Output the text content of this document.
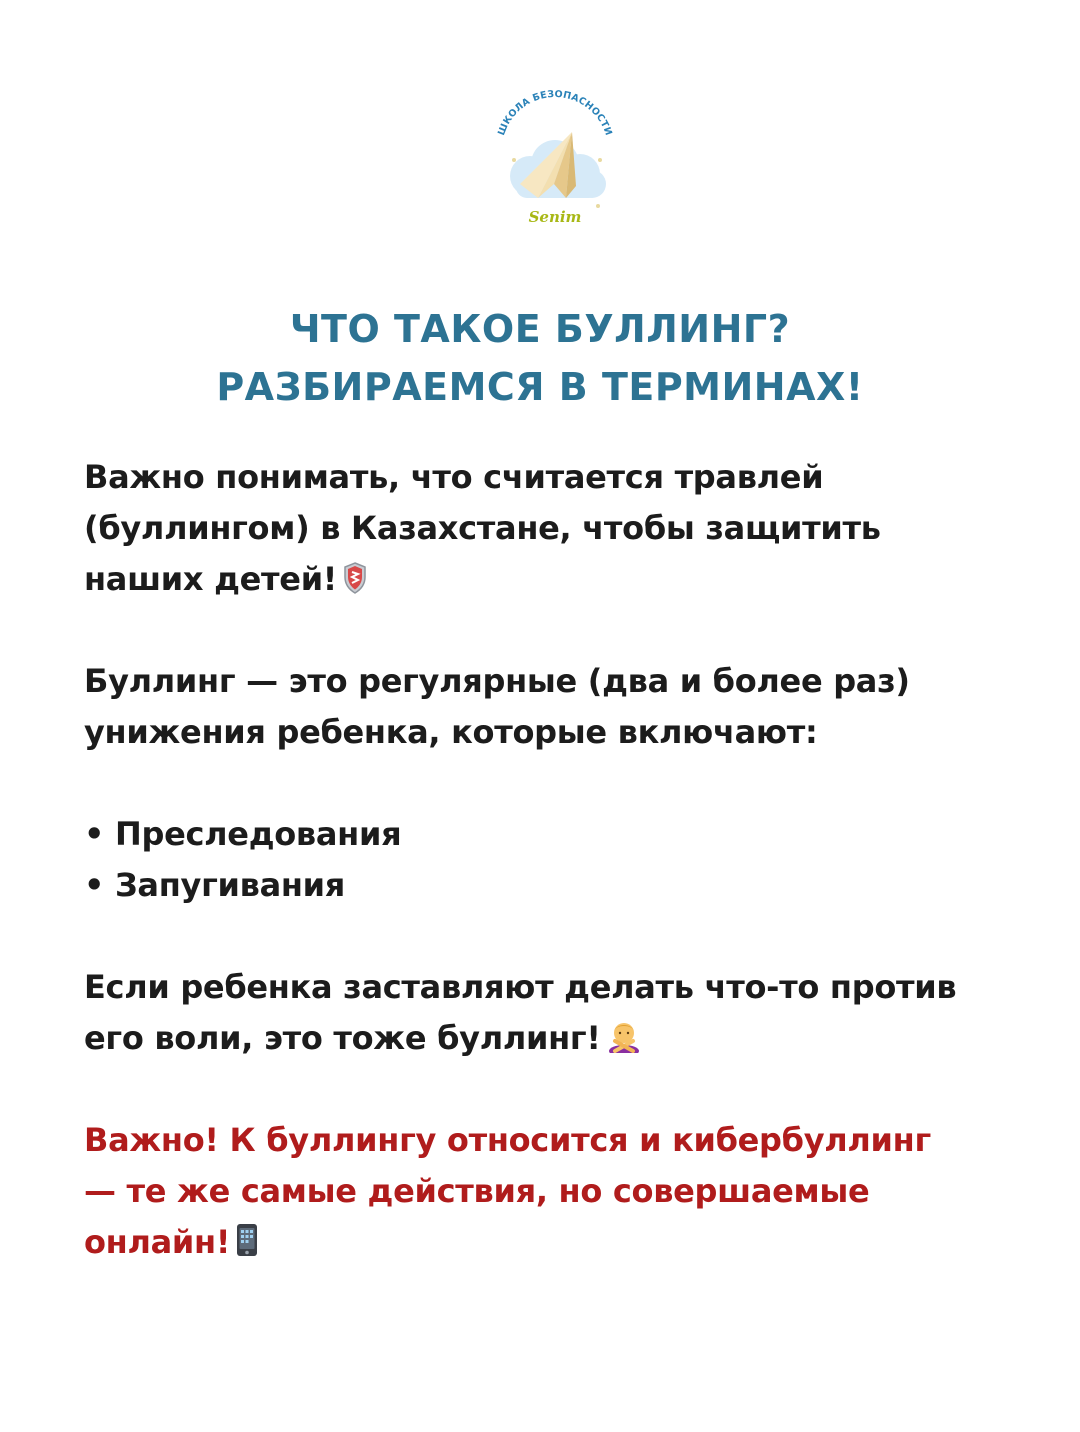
ШКОЛА БЕЗОПАСНОСТИ
Senim
ЧТО ТАКОЕ БУЛЛИНГ?
РАЗБИРАЕМСЯ В ТЕРМИНАХ!
Важно понимать, что считается травлей
(буллингом) в Казахстане, чтобы защитить
наших детей!
Буллинг — это регулярные (два и более раз)
унижения ребенка, которые включают:
• Преследования
• Запугивания
Если ребенка заставляют делать что-то против
его воли, это тоже буллинг!
Важно! К буллингу относится и кибербуллинг
— те же самые действия, но совершаемые
онлайн!
